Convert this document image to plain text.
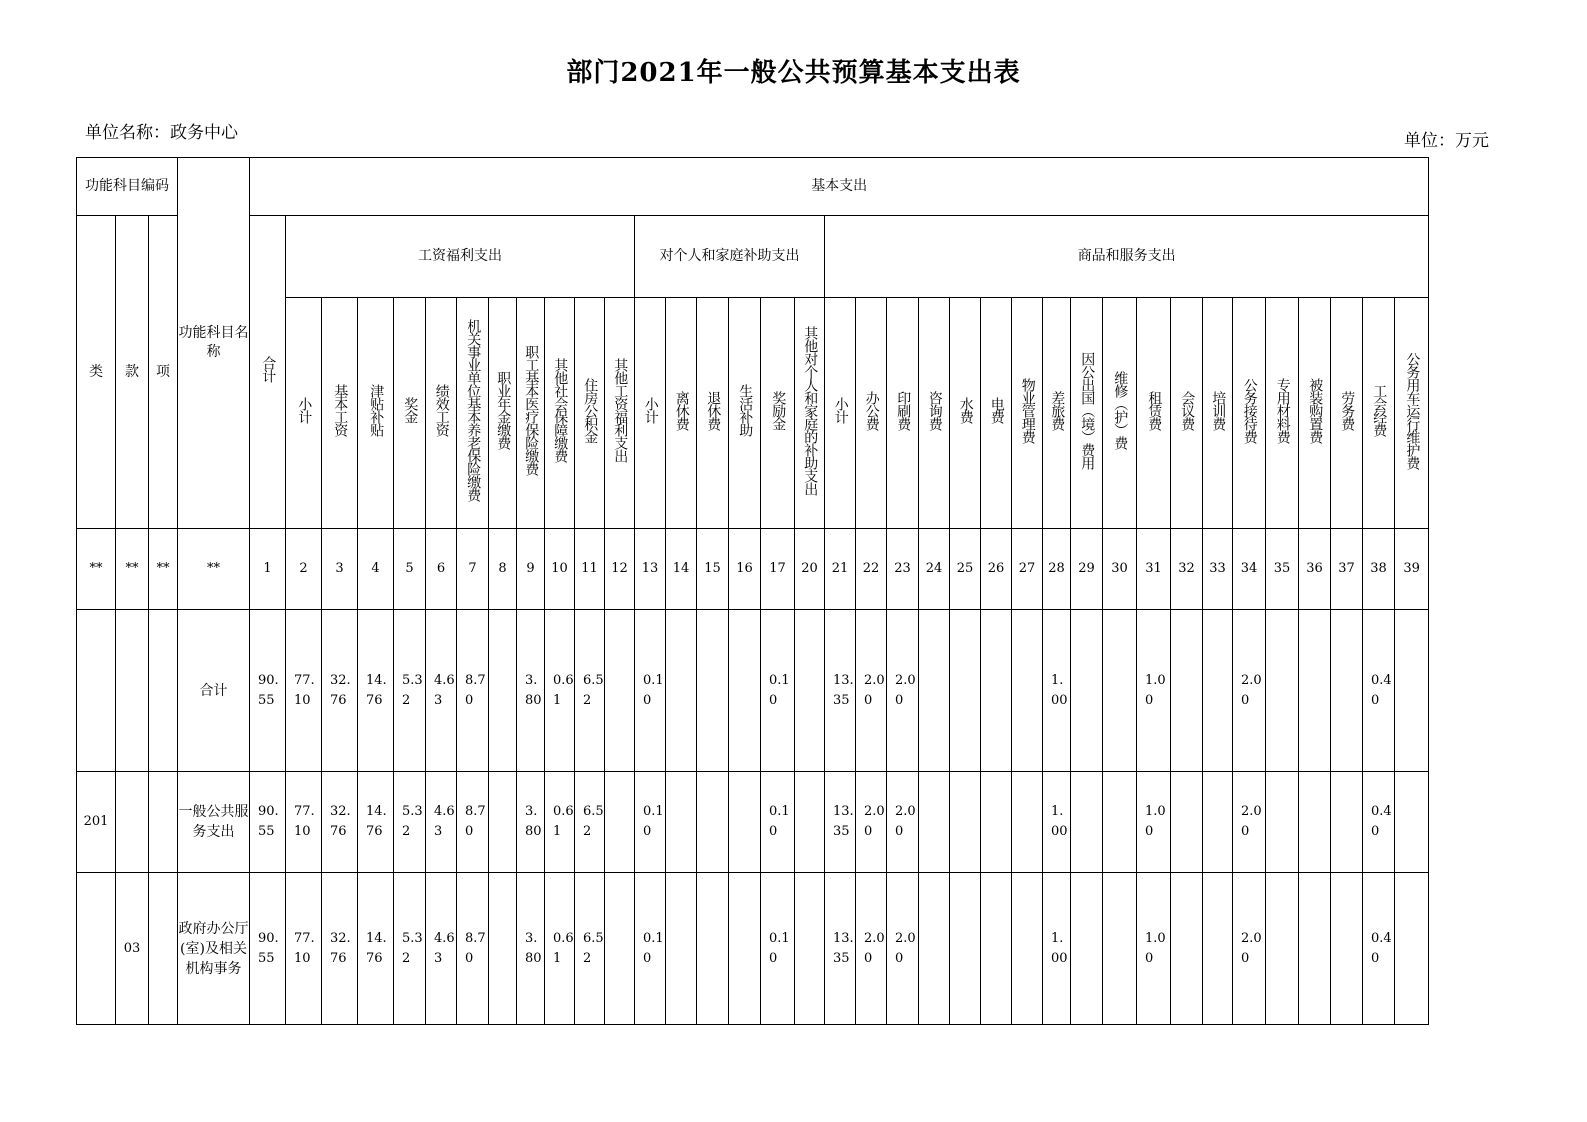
部门2021年一般公共预算基本支出表
单位名称：政务中心	单位：万元
功能科目编码			功能科目名称	基本支出																																					
类	款	项		合计	工资福利支出											对个人和家庭补助支出						商品和服务支出																			
					小计	基本工资	津贴补贴	奖金	绩效工资	机关事业单位基本养老保险缴费	职业年金缴费	职工基本医疗保险缴费	其他社会保障缴费	住房公积金	其他工资福利支出	小计	离休费	退休费	生活补助	奖励金	其他对个人和家庭的补助支出	小计	办公费	印刷费	咨询费	水费	电费	物业管理费	差旅费	因公出国（境）费用	维修（护）费	租赁费	会议费	培训费	公务接待费	专用材料费	被装购置费	劳务费	工会经费	公务用车运行维护费		
**	**	**	**	1	2	3	4	5	6	7	8	9	10	11	12	13	14	15	16	17	20	21	22	23	24	25	26	27	28	29	30	31	32	33	34	35	36	37	38	39		
			合计	90.55	77.10	32.76	14.76	5.32	4.63	8.70		3.80	0.61	6.52		0.10				0.10		13.35	2.00	2.00					1.00			1.00			2.00				0.40			
201			一般公共服务支出	90.55	77.10	32.76	14.76	5.32	4.63	8.70		3.80	0.61	6.52		0.10				0.10		13.35	2.00	2.00					1.00			1.00			2.00				0.40			
	03		政府办公厅(室)及相关机构事务	90.55	77.10	32.76	14.76	5.32	4.63	8.70		3.80	0.61	6.52		0.10				0.10		13.35	2.00	2.00					1.00			1.00			2.00				0.40			
